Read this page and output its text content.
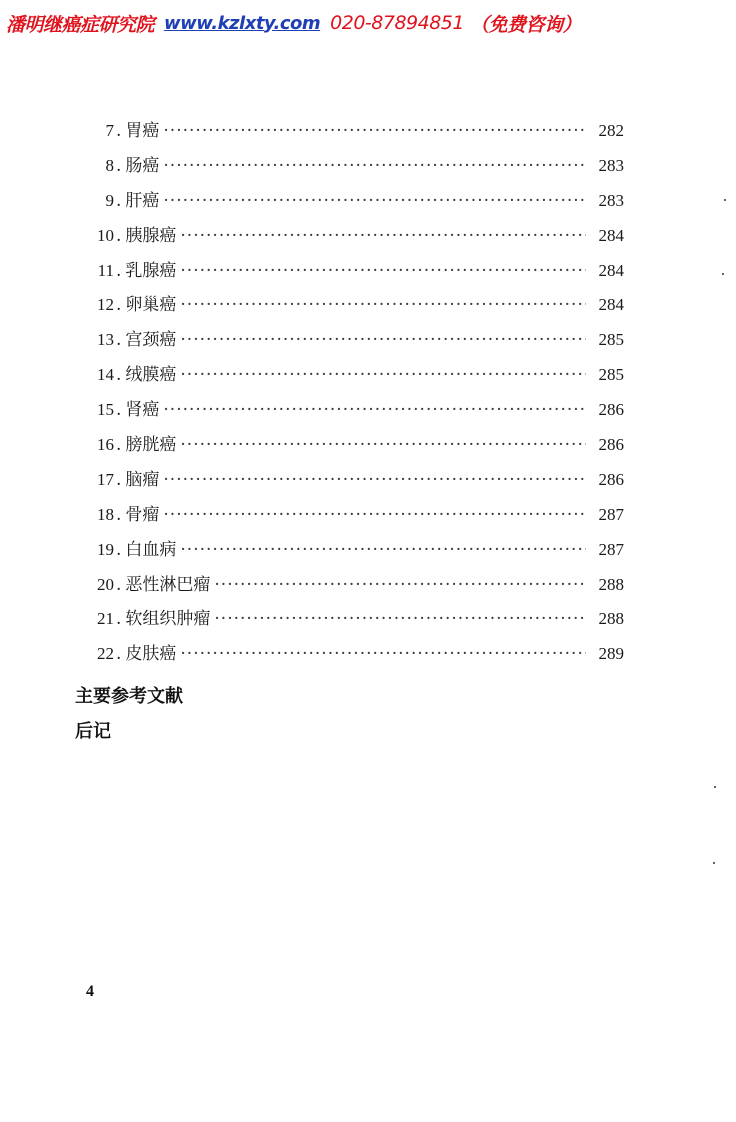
潘明继癌症研究院 www.kzlxty.com 020-87894851 （免费咨询）
7 . 胃癌 ·····	282
8 . 肠癌 ·····	283
9 . 肝癌 ·····	283
10 . 胰腺癌 ·····	284
11 . 乳腺癌 ·····	284
12 . 卵巢癌 ·····	284
13 . 宫颈癌 ·····	285
14 . 绒膜癌 ·····	285
15 . 肾癌 ·····	286
16 . 膀胱癌 ·····	286
17 . 脑瘤 ·····	286
18 . 骨瘤 ·····	287
19 . 白血病 ·····	287
20 . 恶性淋巴瘤 ·····	288
21 . 软组织肿瘤 ·····	288
22 . 皮肤癌 ·····	289
主要参考文献
后记
4
